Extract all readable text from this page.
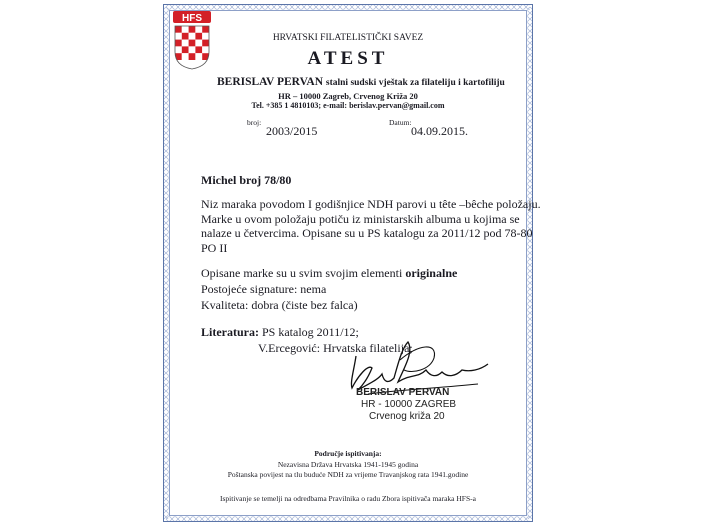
HFS
HRVATSKI FILATELISTIČKI SAVEZ
ATEST
BERISLAV PERVAN stalni sudski vještak za filateliju i kartofiliju
HR – 10000 Zagreb, Crvenog Križa 20
Tel. +385 1 4810103; e-mail: berislav.pervan@gmail.com
broj:
2003/2015
Datum:
04.09.2015.
Michel broj 78/80
Niz maraka povodom I godišnjice NDH parovi u tête –bêche položaju.
Marke u ovom položaju potiču iz ministarskih albuma u kojima se
nalaze u četvercima. Opisane su u PS katalogu za 2011/12 pod 78-80
PO II
Opisane marke su u svim svojim elementi originalne
Postojeće signature: nema
Kvaliteta: dobra (čiste bez falca)
Literatura: PS katalog 2011/12;
V.Ercegović: Hrvatska filatelija;
BERISLAV PERVAN
HR - 10000 ZAGREB
Crvenog križa 20
Područje ispitivanja:
Nezavisna Država Hrvatska 1941-1945 godina
Poštanska povijest na tlu buduće NDH za vrijeme Travanjskog rata 1941.godine
Ispitivanje se temelji na odredbama Pravilnika o radu Zbora ispitivača maraka HFS-a
